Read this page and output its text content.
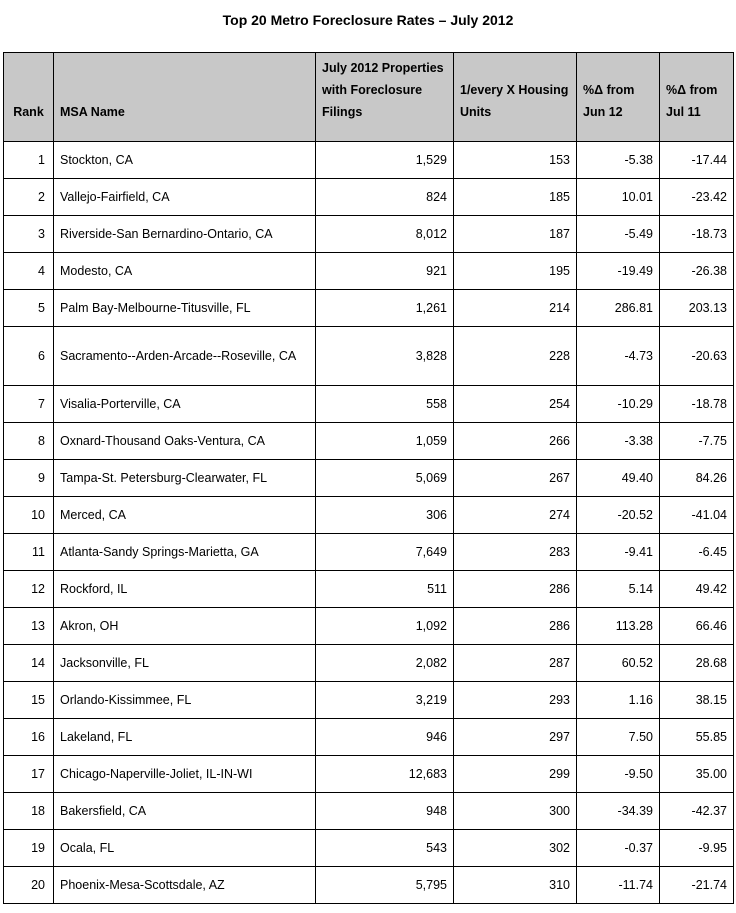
Top 20 Metro Foreclosure Rates – July 2012
Rank	MSA Name	July 2012 Properties with Foreclosure Filings	1/every X Housing Units	%Δ from Jun 12	%Δ from Jul 11
1	Stockton, CA	1,529	153	-5.38	-17.44
2	Vallejo-Fairfield, CA	824	185	10.01	-23.42
3	Riverside-San Bernardino-Ontario, CA	8,012	187	-5.49	-18.73
4	Modesto, CA	921	195	-19.49	-26.38
5	Palm Bay-Melbourne-Titusville, FL	1,261	214	286.81	203.13
6	Sacramento--Arden-Arcade--Roseville, CA	3,828	228	-4.73	-20.63
7	Visalia-Porterville, CA	558	254	-10.29	-18.78
8	Oxnard-Thousand Oaks-Ventura, CA	1,059	266	-3.38	-7.75
9	Tampa-St. Petersburg-Clearwater, FL	5,069	267	49.40	84.26
10	Merced, CA	306	274	-20.52	-41.04
11	Atlanta-Sandy Springs-Marietta, GA	7,649	283	-9.41	-6.45
12	Rockford, IL	511	286	5.14	49.42
13	Akron, OH	1,092	286	113.28	66.46
14	Jacksonville, FL	2,082	287	60.52	28.68
15	Orlando-Kissimmee, FL	3,219	293	1.16	38.15
16	Lakeland, FL	946	297	7.50	55.85
17	Chicago-Naperville-Joliet, IL-IN-WI	12,683	299	-9.50	35.00
18	Bakersfield, CA	948	300	-34.39	-42.37
19	Ocala, FL	543	302	-0.37	-9.95
20	Phoenix-Mesa-Scottsdale, AZ	5,795	310	-11.74	-21.74
